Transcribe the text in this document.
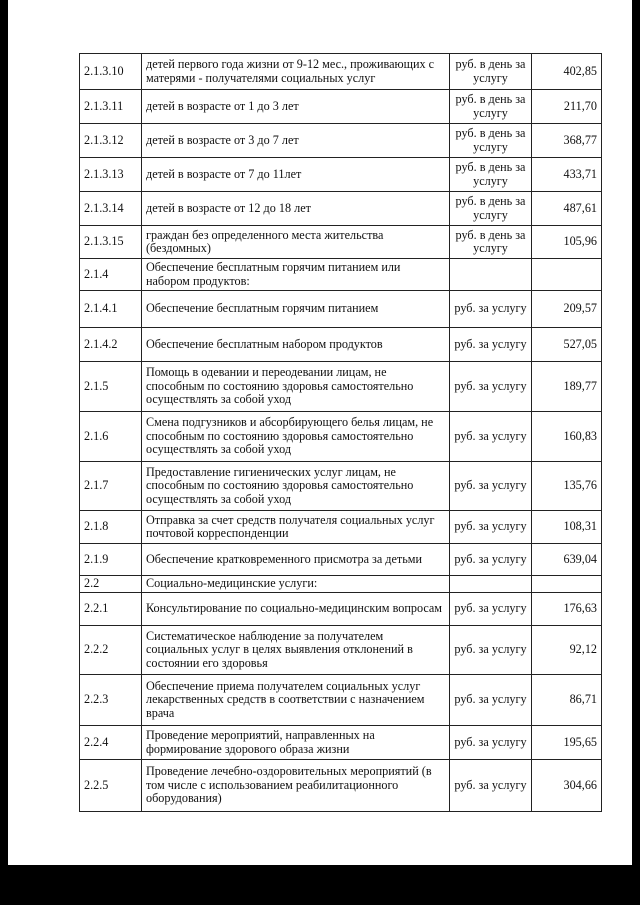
2.1.3.10	детей первого года жизни от 9-12 мес., проживающих с матерями - получателями социальных услуг	руб. в день за услугу	402,85
2.1.3.11	детей в возрасте от 1 до 3 лет	руб. в день за услугу	211,70
2.1.3.12	детей в возрасте от 3 до 7 лет	руб. в день за услугу	368,77
2.1.3.13	детей в возрасте от 7 до 11лет	руб. в день за услугу	433,71
2.1.3.14	детей в возрасте от 12 до 18 лет	руб. в день за услугу	487,61
2.1.3.15	граждан без определенного места жительства (бездомных)	руб. в день за услугу	105,96
2.1.4	Обеспечение бесплатным горячим питанием или набором продуктов:		
2.1.4.1	Обеспечение бесплатным горячим питанием	руб. за услугу	209,57
2.1.4.2	Обеспечение бесплатным набором продуктов	руб. за услугу	527,05
2.1.5	Помощь в одевании и переодевании лицам, не способным по состоянию здоровья самостоятельно осуществлять за собой уход	руб. за услугу	189,77
2.1.6	Смена подгузников и абсорбирующего белья лицам, не способным по состоянию здоровья самостоятельно осуществлять за собой уход	руб. за услугу	160,83
2.1.7	Предоставление гигиенических услуг лицам, не способным по состоянию здоровья самостоятельно осуществлять за собой уход	руб. за услугу	135,76
2.1.8	Отправка за счет средств получателя социальных услуг почтовой корреспонденции	руб. за услугу	108,31
2.1.9	Обеспечение кратковременного присмотра за детьми	руб. за услугу	639,04
2.2	Социально-медицинские услуги:		
2.2.1	Консультирование по социально-медицинским вопросам	руб. за услугу	176,63
2.2.2	Систематическое наблюдение за получателем социальных услуг в целях выявления отклонений в состоянии его здоровья	руб. за услугу	92,12
2.2.3	Обеспечение приема получателем социальных услуг лекарственных средств в соответствии с назначением врача	руб. за услугу	86,71
2.2.4	Проведение мероприятий, направленных на формирование здорового образа жизни	руб. за услугу	195,65
2.2.5	Проведение лечебно-оздоровительных мероприятий (в том числе с использованием реабилитационного оборудования)	руб. за услугу	304,66
